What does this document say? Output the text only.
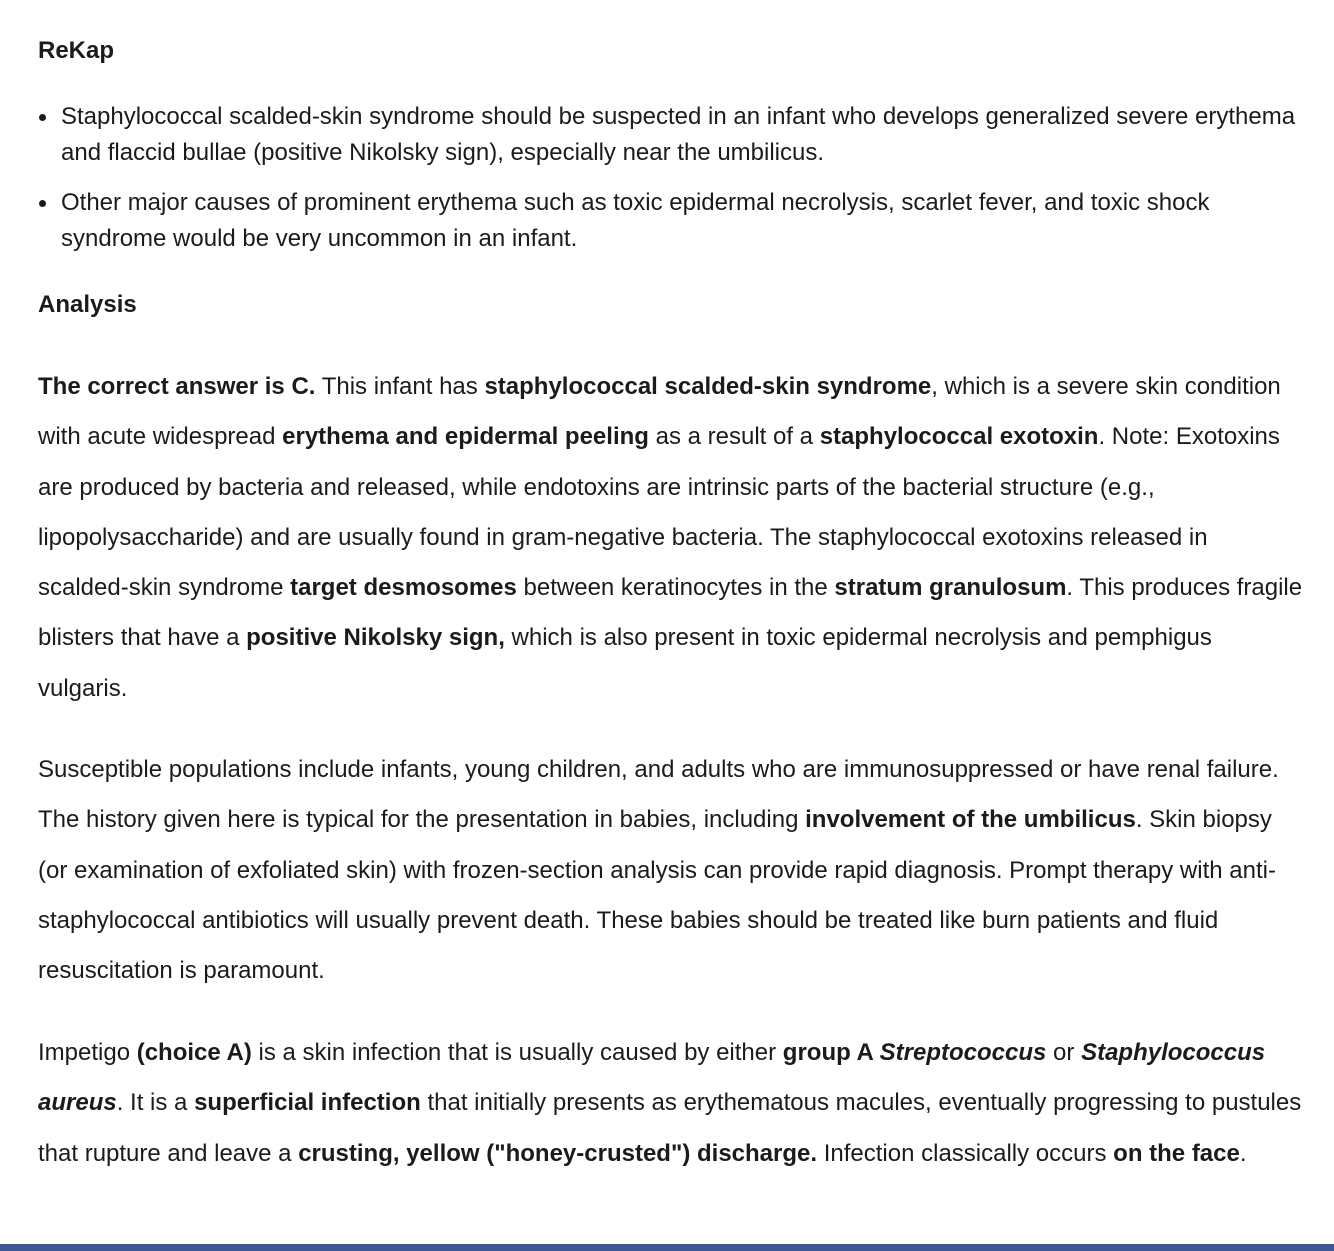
ReKap
Staphylococcal scalded-skin syndrome should be suspected in an infant who develops generalized severe erythema and flaccid bullae (positive Nikolsky sign), especially near the umbilicus.
Other major causes of prominent erythema such as toxic epidermal necrolysis, scarlet fever, and toxic shock syndrome would be very uncommon in an infant.
Analysis

The correct answer is C. This infant has staphylococcal scalded-skin syndrome, which is a severe skin condition with acute widespread erythema and epidermal peeling as a result of a staphylococcal exotoxin. Note: Exotoxins are produced by bacteria and released, while endotoxins are intrinsic parts of the bacterial structure (e.g., lipopolysaccharide) and are usually found in gram-negative bacteria. The staphylococcal exotoxins released in scalded-skin syndrome target desmosomes between keratinocytes in the stratum granulosum. This produces fragile blisters that have a positive Nikolsky sign, which is also present in toxic epidermal necrolysis and pemphigus vulgaris.

Susceptible populations include infants, young children, and adults who are immunosuppressed or have renal failure. The history given here is typical for the presentation in babies, including involvement of the umbilicus. Skin biopsy (or examination of exfoliated skin) with frozen-section analysis can provide rapid diagnosis. Prompt therapy with anti-staphylococcal antibiotics will usually prevent death. These babies should be treated like burn patients and fluid resuscitation is paramount.

Impetigo (choice A) is a skin infection that is usually caused by either group A Streptococcus or Staphylococcus aureus. It is a superficial infection that initially presents as erythematous macules, eventually progressing to pustules that rupture and leave a crusting, yellow ("honey-crusted") discharge. Infection classically occurs on the face.
